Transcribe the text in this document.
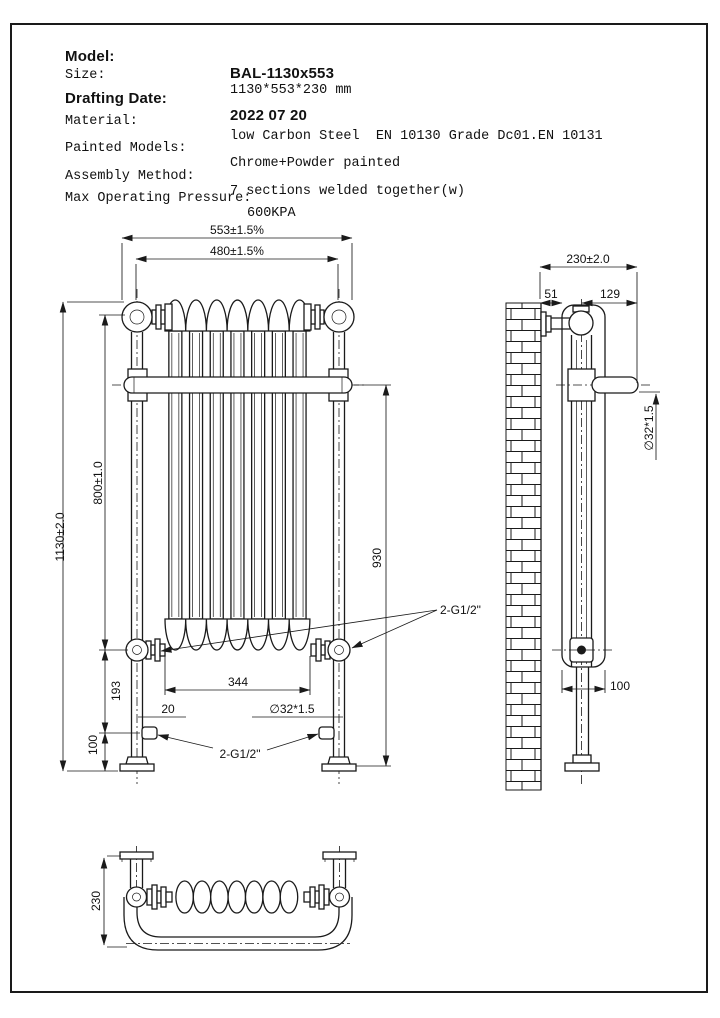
Model:

BAL-1130x553

Size:

1130*553*230 mm

Drafting Date:

2022 07 20

Material:

low Carbon Steel  EN 10130 Grade Dc01.EN 10131

Painted Models:

Chrome+Powder painted

Assembly Method:

7 sections welded together(w)

Max Operating Pressure:

600KPA

553±1.5%
480±1.5%
1130±2.0
800±1.0
193
100
930
344
20	∅32*1.5
2-G1/2"
2-G1/2"
230±2.0
51	129
∅32*1.5
100
230
